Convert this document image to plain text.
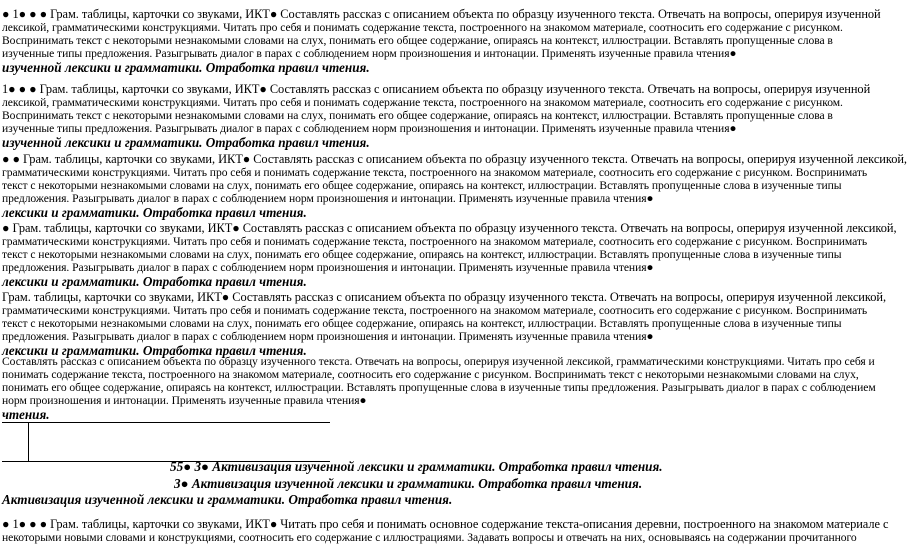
● 1● ● ● Грам. таблицы, карточки со звуками, ИКТ● Составлять рассказ с описанием объекта по образцу изученного текста. Отвечать на вопросы, оперируя изученной
лексикой, грамматическими конструкциями. Читать про себя и понимать содержание текста, построенного на знакомом материале, соотносить его содержание с рисунком.
Воспринимать текст с некоторыми незнакомыми словами на слух, понимать его общее содержание, опираясь на контекст, иллюстрации. Вставлять пропущенные слова в
изученные типы предложения. Разыгрывать диалог в парах с соблюдением норм произношения и интонации. Применять изученные правила чтения●
изученной лексики и грамматики. Отработка правил чтения.
1● ● ● Грам. таблицы, карточки со звуками, ИКТ● Составлять рассказ с описанием объекта по образцу изученного текста. Отвечать на вопросы, оперируя изученной
лексикой, грамматическими конструкциями. Читать про себя и понимать содержание текста, построенного на знакомом материале, соотносить его содержание с рисунком.
Воспринимать текст с некоторыми незнакомыми словами на слух, понимать его общее содержание, опираясь на контекст, иллюстрации. Вставлять пропущенные слова в
изученные типы предложения. Разыгрывать диалог в парах с соблюдением норм произношения и интонации. Применять изученные правила чтения●
изученной лексики и грамматики. Отработка правил чтения.
● ● Грам. таблицы, карточки со звуками, ИКТ● Составлять рассказ с описанием объекта по образцу изученного текста. Отвечать на вопросы, оперируя изученной лексикой,
грамматическими конструкциями. Читать про себя и понимать содержание текста, построенного на знакомом материале, соотносить его содержание с рисунком. Воспринимать
текст с некоторыми незнакомыми словами на слух, понимать его общее содержание, опираясь на контекст, иллюстрации. Вставлять пропущенные слова в изученные типы
предложения. Разыгрывать диалог в парах с соблюдением норм произношения и интонации. Применять изученные правила чтения●
лексики и грамматики. Отработка правил чтения.
● Грам. таблицы, карточки со звуками, ИКТ● Составлять рассказ с описанием объекта по образцу изученного текста. Отвечать на вопросы, оперируя изученной лексикой,
грамматическими конструкциями. Читать про себя и понимать содержание текста, построенного на знакомом материале, соотносить его содержание с рисунком. Воспринимать
текст с некоторыми незнакомыми словами на слух, понимать его общее содержание, опираясь на контекст, иллюстрации. Вставлять пропущенные слова в изученные типы
предложения. Разыгрывать диалог в парах с соблюдением норм произношения и интонации. Применять изученные правила чтения●
лексики и грамматики. Отработка правил чтения.
Грам. таблицы, карточки со звуками, ИКТ● Составлять рассказ с описанием объекта по образцу изученного текста. Отвечать на вопросы, оперируя изученной лексикой,
грамматическими конструкциями. Читать про себя и понимать содержание текста, построенного на знакомом материале, соотносить его содержание с рисунком. Воспринимать
текст с некоторыми незнакомыми словами на слух, понимать его общее содержание, опираясь на контекст, иллюстрации. Вставлять пропущенные слова в изученные типы
предложения. Разыгрывать диалог в парах с соблюдением норм произношения и интонации. Применять изученные правила чтения●
лексики и грамматики. Отработка правил чтения.
Составлять рассказ с описанием объекта по образцу изученного текста. Отвечать на вопросы, оперируя изученной лексикой, грамматическими конструкциями. Читать про себя и
понимать содержание текста, построенного на знакомом материале, соотносить его содержание с рисунком. Воспринимать текст с некоторыми незнакомыми словами на слух,
понимать его общее содержание, опираясь на контекст, иллюстрации. Вставлять пропущенные слова в изученные типы предложения. Разыгрывать диалог в парах с соблюдением
норм произношения и интонации. Применять изученные правила чтения●
чтения.
55● 3● Активизация изученной лексики и грамматики. Отработка правил чтения.
3● Активизация изученной лексики и грамматики. Отработка правил чтения.
Активизация изученной лексики и грамматики. Отработка правил чтения.
● 1● ● ● Грам. таблицы, карточки со звуками, ИКТ● Читать про себя и понимать основное содержание текста-описания деревни, построенного на знакомом материале с
некоторыми новыми словами и конструкциями, соотносить его содержание с иллюстрациями. Задавать вопросы и отвечать на них, основываясь на содержании прочитанного
